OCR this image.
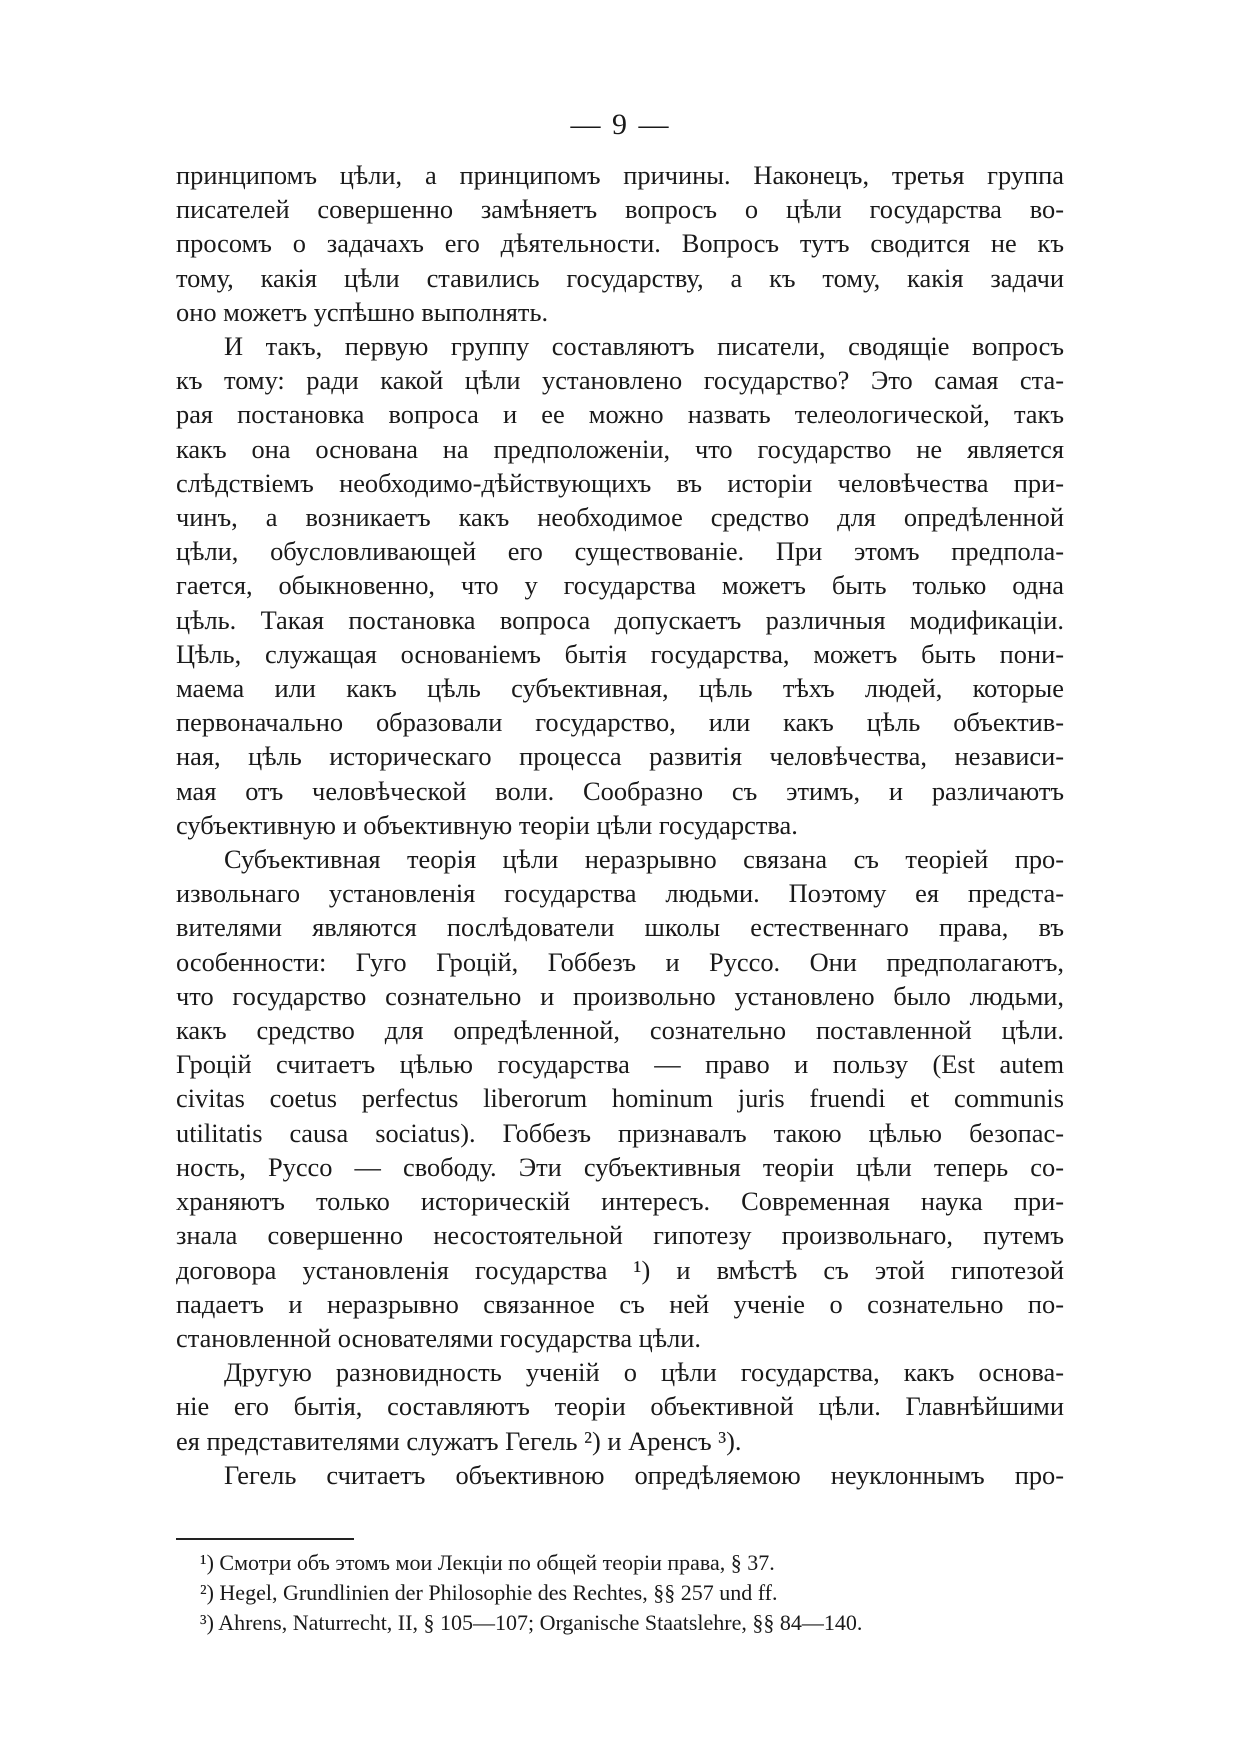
— 9 —

принципомъ цѣли, а принципомъ причины. Наконецъ, третья группа
писателей совершенно замѣняетъ вопросъ о цѣли государства во-
просомъ о задачахъ его дѣятельности. Вопросъ тутъ сводится не къ
тому, какія цѣли ставились государству, а къ тому, какія задачи
оно можетъ успѣшно выполнять.

И такъ, первую группу составляютъ писатели, сводящіе вопросъ
къ тому: ради какой цѣли установлено государство? Это самая ста-
рая постановка вопроса и ее можно назвать телеологической, такъ
какъ она основана на предположеніи, что государство не является
слѣдствіемъ необходимо-дѣйствующихъ въ исторіи человѣчества при-
чинъ, а возникаетъ какъ необходимое средство для опредѣленной
цѣли, обусловливающей его существованіе. При этомъ предпола-
гается, обыкновенно, что у государства можетъ быть только одна
цѣль. Такая постановка вопроса допускаетъ различныя модификаціи.
Цѣль, служащая основаніемъ бытія государства, можетъ быть пони-
маема или какъ цѣль субъективная, цѣль тѣхъ людей, которые
первоначально образовали государство, или какъ цѣль объектив-
ная, цѣль историческаго процесса развитія человѣчества, независи-
мая отъ человѣческой воли. Сообразно съ этимъ, и различаютъ
субъективную и объективную теоріи цѣли государства.

Субъективная теорія цѣли неразрывно связана съ теоріей про-
извольнаго установленія государства людьми. Поэтому ея предста-
вителями являются послѣдователи школы естественнаго права, въ
особенности: Гуго Гроцій, Гоббезъ и Руссо. Они предполагаютъ,
что государство сознательно и произвольно установлено было людьми,
какъ средство для опредѣленной, сознательно поставленной цѣли.
Гроцій считаетъ цѣлью государства — право и пользу (Est autem
civitas coetus perfectus liberorum hominum juris fruendi et communis
utilitatis causa sociatus). Гоббезъ признавалъ такою цѣлью безопас-
ность, Руссо — свободу. Эти субъективныя теоріи цѣли теперь со-
храняютъ только историческій интересъ. Современная наука при-
знала совершенно несостоятельной гипотезу произвольнаго, путемъ
договора установленія государства ¹) и вмѣстѣ съ этой гипотезой
падаетъ и неразрывно связанное съ ней ученіе о сознательно по-
становленной основателями государства цѣли.

Другую разновидность ученій о цѣли государства, какъ основа-
ніе его бытія, составляютъ теоріи объективной цѣли. Главнѣйшими
ея представителями служатъ Гегель ²) и Аренсъ ³).

Гегель считаетъ объективною опредѣляемою неуклоннымъ про-

¹) Смотри объ этомъ мои Лекціи по общей теоріи права, § 37.
²) Hegel, Grundlinien der Philosophie des Rechtes, §§ 257 und ff.
³) Ahrens, Naturrecht, II, § 105—107; Organische Staatslehre, §§ 84—140.
